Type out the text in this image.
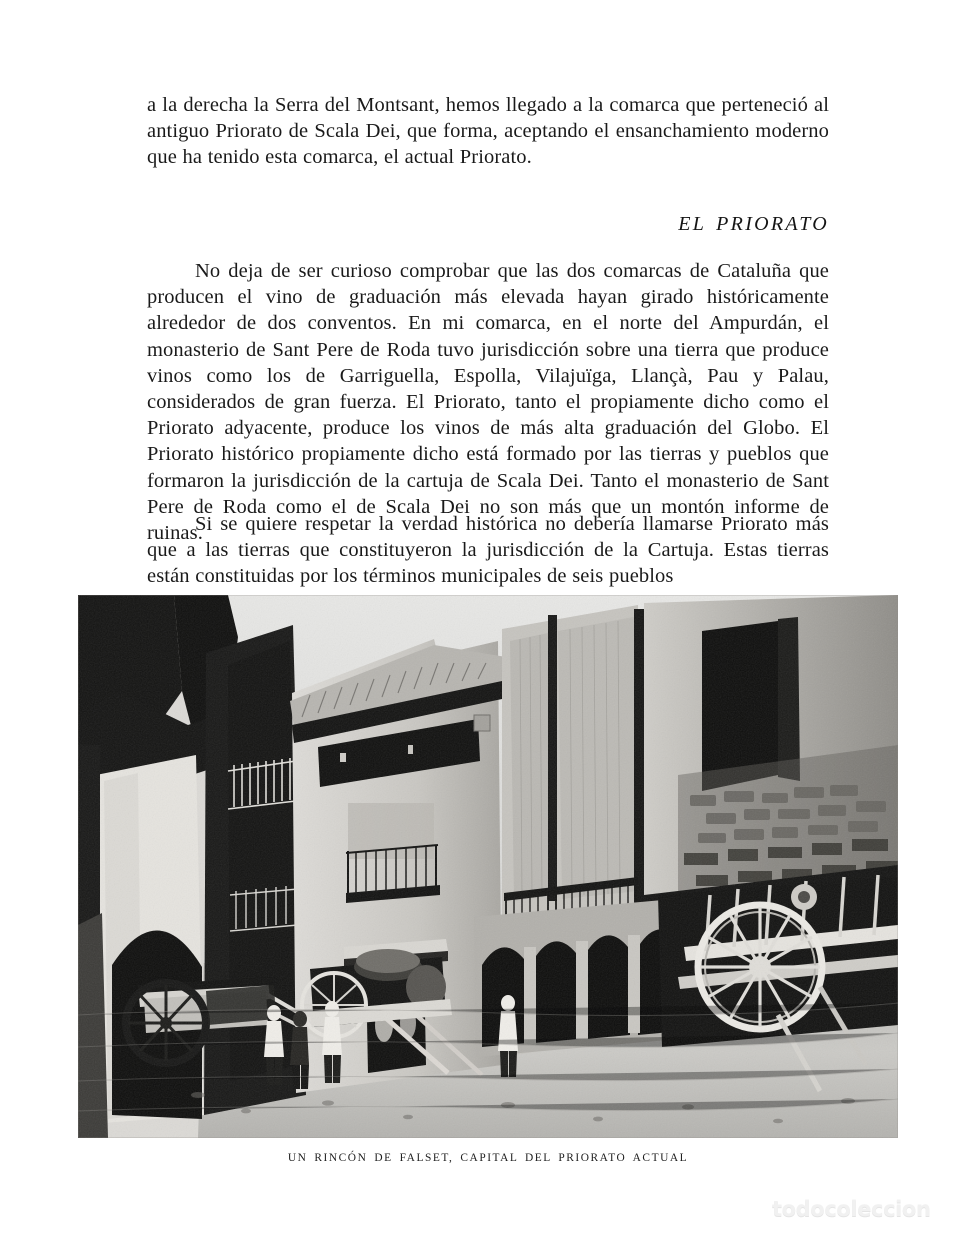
a la derecha la Serra del Montsant, hemos llegado a la comarca que perteneció al antiguo Priorato de Scala Dei, que forma, aceptando el ensanchamiento moderno que ha tenido esta comarca, el actual Priorato.

EL PRIORATO

No deja de ser curioso comprobar que las dos comarcas de Cataluña que producen el vino de graduación más elevada hayan girado históricamente alrededor de dos conventos. En mi comarca, en el norte del Ampurdán, el monasterio de Sant Pere de Roda tuvo jurisdicción sobre una tierra que produce vinos como los de Garriguella, Espolla, Vilajuïga, Llançà, Pau y Palau, considerados de gran fuerza. El Priorato, tanto el propiamente dicho como el Priorato adyacente, produce los vinos de más alta graduación del Globo. El Priorato histórico propiamente dicho está formado por las tierras y pueblos que formaron la jurisdicción de la cartuja de Scala Dei. Tanto el monasterio de Sant Pere de Roda como el de Scala Dei no son más que un montón informe de ruinas.

Si se quiere respetar la verdad histórica no debería llamarse Priorato más que a las tierras que constituyeron la jurisdicción de la Cartuja. Estas tierras están constituidas por los términos municipales de seis pueblos

UN RINCÓN DE FALSET, CAPITAL DEL PRIORATO ACTUAL
todocoleccion
